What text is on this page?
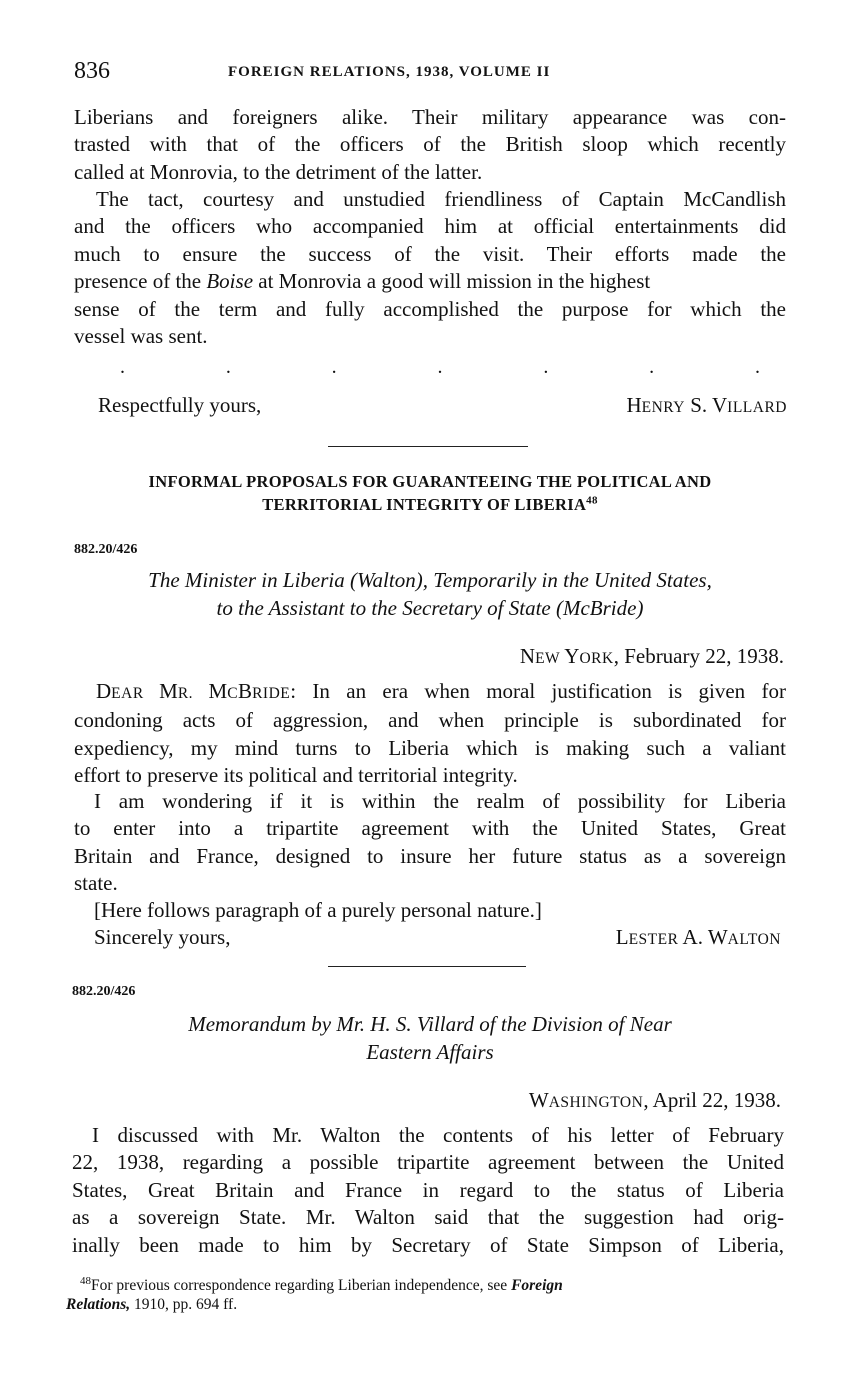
836	FOREIGN RELATIONS, 1938, VOLUME II
Liberians and foreigners alike. Their military appearance was con-
trasted with that of the officers of the British sloop which recently
called at Monrovia, to the detriment of the latter.
The tact, courtesy and unstudied friendliness of Captain McCandlish
and the officers who accompanied him at official entertainments did
much to ensure the success of the visit. Their efforts made the
presence of the Boise at Monrovia a good will mission in the highest
sense of the term and fully accomplished the purpose for which the
vessel was sent.
.	.	.	.	.	.	.
Respectfully yours,	HENRY S. VILLARD
INFORMAL PROPOSALS FOR GUARANTEEING THE POLITICAL AND
TERRITORIAL INTEGRITY OF LIBERIA$^{48}$
882.20/426
The Minister in Liberia (Walton), Temporarily in the United States,
to the Assistant to the Secretary of State (McBride)
NEW YORK, February 22, 1938.
DEAR MR. MCBRIDE: In an era when moral justification is given for
condoning acts of aggression, and when principle is subordinated for
expediency, my mind turns to Liberia which is making such a valiant
effort to preserve its political and territorial integrity.
I am wondering if it is within the realm of possibility for Liberia
to enter into a tripartite agreement with the United States, Great
Britain and France, designed to insure her future status as a sovereign
state.
[Here follows paragraph of a purely personal nature.]
Sincerely yours,	LESTER A. WALTON
882.20/426
Memorandum by Mr. H. S. Villard of the Division of Near
Eastern Affairs
WASHINGTON, April 22, 1938.
I discussed with Mr. Walton the contents of his letter of February
22, 1938, regarding a possible tripartite agreement between the United
States, Great Britain and France in regard to the status of Liberia
as a sovereign State. Mr. Walton said that the suggestion had orig-
inally been made to him by Secretary of State Simpson of Liberia,
$^{48}$For previous correspondence regarding Liberian independence, see Foreign
Relations, 1910, pp. 694 ff.
